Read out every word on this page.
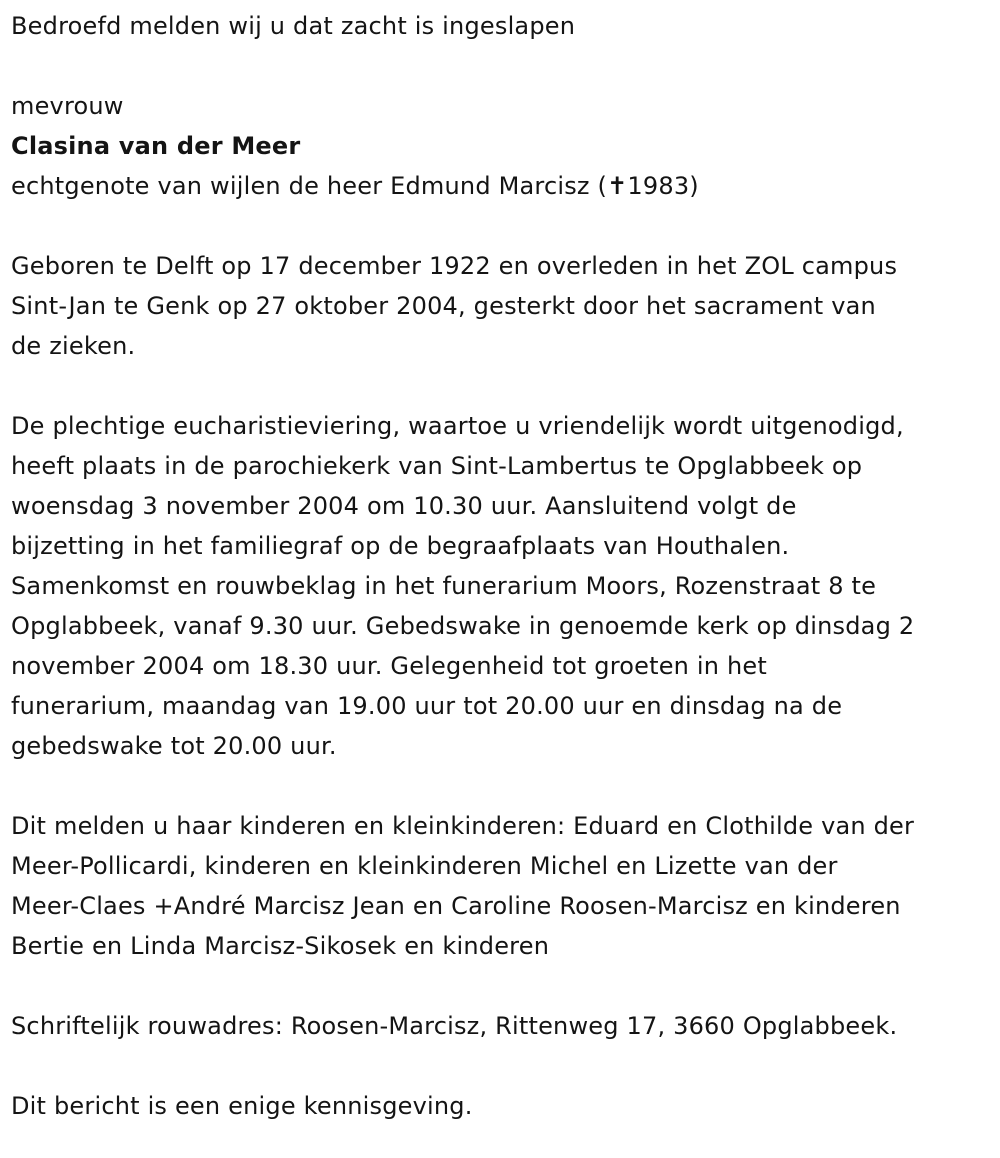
Bedroefd melden wij u dat zacht is ingeslapen

mevrouw

Clasina van der Meer

echtgenote van wijlen de heer Edmund Marcisz (✝1983)

Geboren te Delft op 17 december 1922 en overleden in het ZOL campus
Sint-Jan te Genk op 27 oktober 2004, gesterkt door het sacrament van
de zieken.

De plechtige eucharistieviering, waartoe u vriendelijk wordt uitgenodigd,
heeft plaats in de parochiekerk van Sint-Lambertus te Opglabbeek op
woensdag 3 november 2004 om 10.30 uur. Aansluitend volgt de
bijzetting in het familiegraf op de begraafplaats van Houthalen.
Samenkomst en rouwbeklag in het funerarium Moors, Rozenstraat 8 te
Opglabbeek, vanaf 9.30 uur. Gebedswake in genoemde kerk op dinsdag 2
november 2004 om 18.30 uur. Gelegenheid tot groeten in het
funerarium, maandag van 19.00 uur tot 20.00 uur en dinsdag na de
gebedswake tot 20.00 uur.

Dit melden u haar kinderen en kleinkinderen: Eduard en Clothilde van der
Meer-Pollicardi, kinderen en kleinkinderen Michel en Lizette van der
Meer-Claes +André Marcisz Jean en Caroline Roosen-Marcisz en kinderen
Bertie en Linda Marcisz-Sikosek en kinderen

Schriftelijk rouwadres: Roosen-Marcisz, Rittenweg 17, 3660 Opglabbeek.

Dit bericht is een enige kennisgeving.
